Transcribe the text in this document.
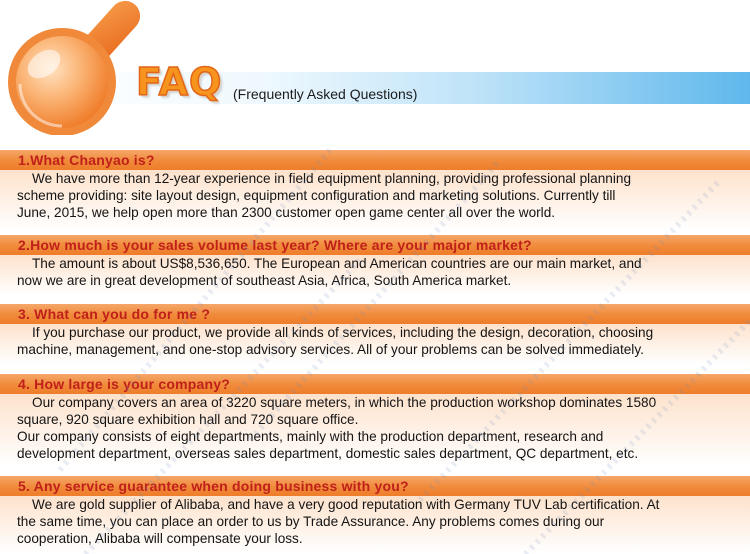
FAQ (Frequently Asked Questions)
1.What Chanyao is?
We have more than 12-year experience in field equipment planning, providing professional planning
scheme providing: site layout design, equipment configuration and marketing solutions. Currently till
June, 2015, we help open more than 2300 customer open game center all over the world.
2.How much is your sales volume last year? Where are your major market?
The amount is about US$8,536,650. The European and American countries are our main market, and
now we are in great development of southeast Asia, Africa, South America market.
3. What can you do for me ?
If you purchase our product, we provide all kinds of services, including the design, decoration, choosing
machine, management, and one-stop advisory services. All of your problems can be solved immediately.
4. How large is your company?
Our company covers an area of 3220 square meters, in which the production workshop dominates 1580
square, 920 square exhibition hall and 720 square office.
Our company consists of eight departments, mainly with the production department, research and
development department, overseas sales department, domestic sales department, QC department, etc.
5. Any service guarantee when doing business with you?
We are gold supplier of Alibaba, and have a very good reputation with Germany TUV Lab certification. At
the same time, you can place an order to us by Trade Assurance. Any problems comes during our
cooperation, Alibaba will compensate your loss.
